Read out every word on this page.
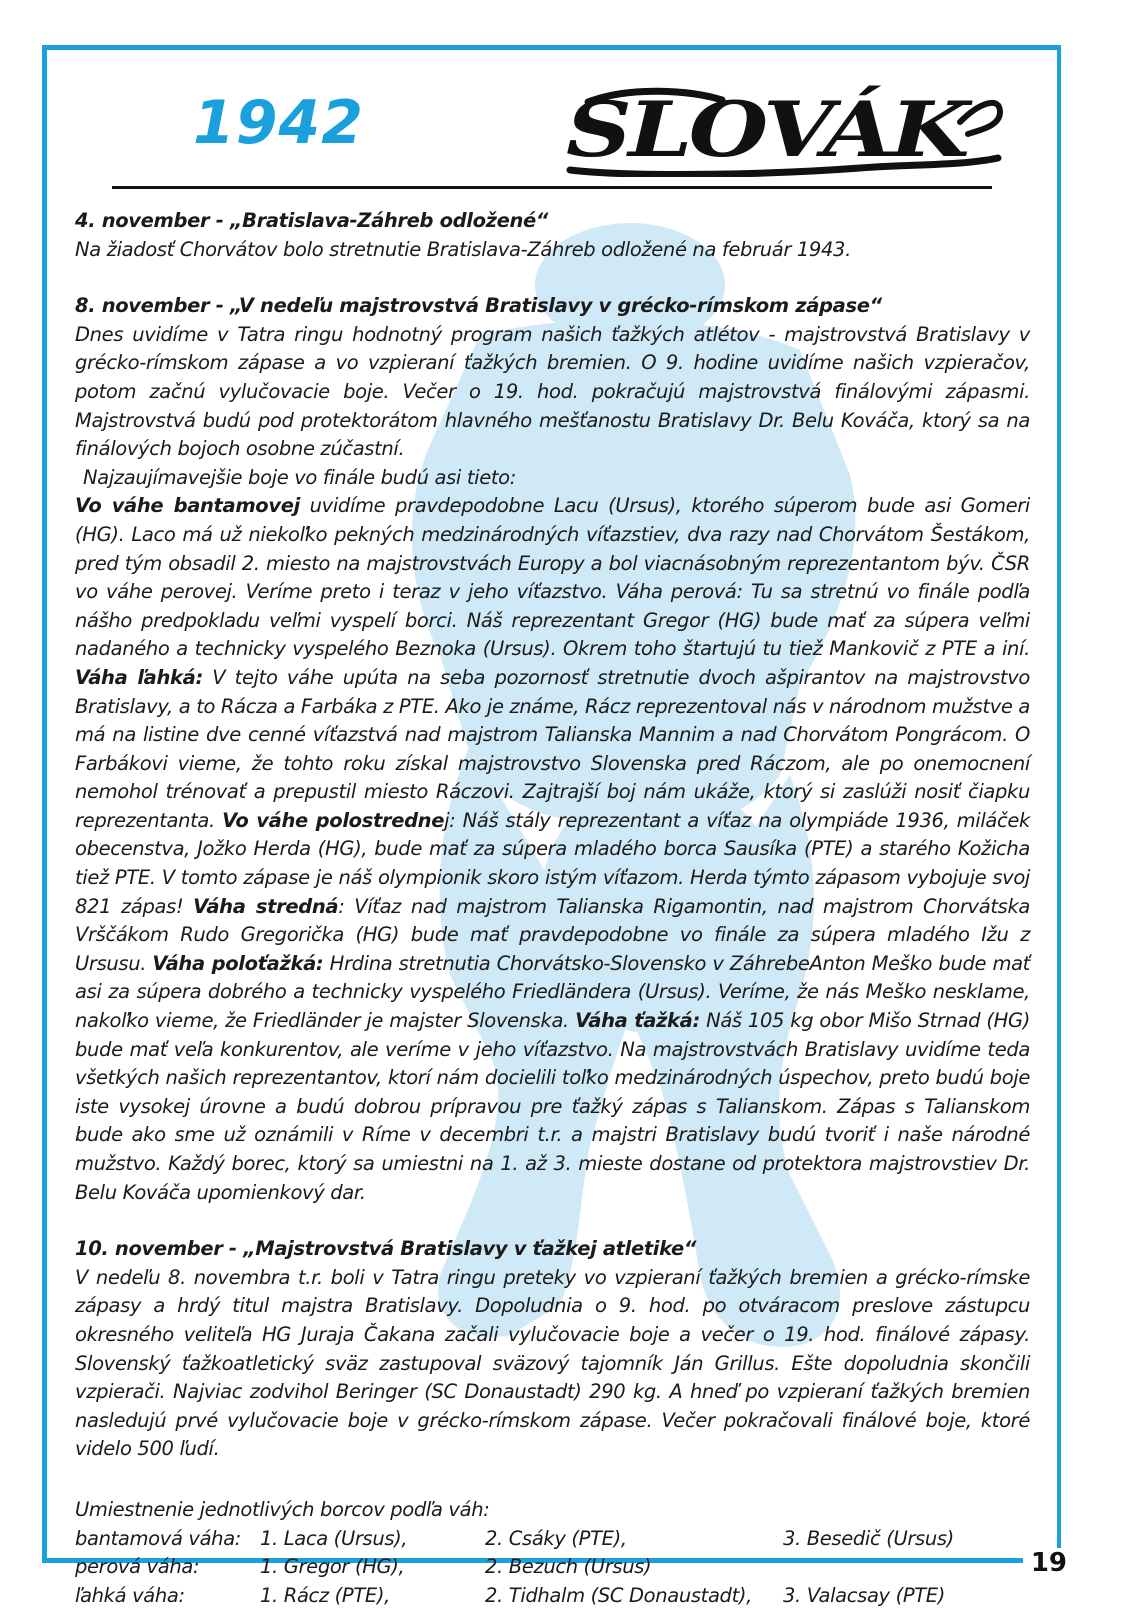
19
1942	SLOVÁK

4. november - „Bratislava-Záhreb odložené“

Na žiadosť Chorvátov bolo stretnutie Bratislava-Záhreb odložené na február 1943.

8. november - „V nedeľu majstrovstvá Bratislavy v grécko-rímskom zápase“

Dnes uvidíme v Tatra ringu hodnotný program našich ťažkých atlétov - majstrovstvá Bratislavy v grécko-rímskom zápase a vo vzpieraní ťažkých bremien. O 9. hodine uvidíme našich vzpieračov, potom začnú vylučovacie boje. Večer o 19. hod. pokračujú majstrovstvá finálovými zápasmi. Majstrovstvá budú pod protektorátom hlavného mešťanostu Bratislavy Dr. Belu Kováča, ktorý sa na finálových bojoch osobne zúčastní.

Najzaujímavejšie boje vo finále budú asi tieto:

Vo váhe bantamovej uvidíme pravdepodobne Lacu (Ursus), ktorého súperom bude asi Gomeri (HG). Laco má už niekoľko pekných medzinárodných víťazstiev, dva razy nad Chorvátom Šestákom, pred tým obsadil 2. miesto na majstrovstvách Europy a bol viacnásobným reprezentantom býv. ČSR vo váhe perovej. Veríme preto i teraz v jeho víťazstvo. Váha perová: Tu sa stretnú vo finále podľa nášho predpokladu veľmi vyspelí borci. Náš reprezentant Gregor (HG) bude mať za súpera veľmi nadaného a technicky vyspelého Beznoka (Ursus). Okrem toho štartujú tu tiež Mankovič z PTE a iní. Váha ľahká: V tejto váhe upúta na seba pozornosť stretnutie dvoch ašpirantov na majstrovstvo Bratislavy, a to Rácza a Farbáka z PTE. Ako je známe, Rácz reprezentoval nás v národnom mužstve a má na listine dve cenné víťazstvá nad majstrom Talianska Mannim a nad Chorvátom Pongrácom. O Farbákovi vieme, že tohto roku získal majstrovstvo Slovenska pred Ráczom, ale po onemocnení nemohol trénovať a prepustil miesto Ráczovi. Zajtrajší boj nám ukáže, ktorý si zaslúži nosiť čiapku reprezentanta. Vo váhe polostrednej: Náš stály reprezentant a víťaz na olympiáde 1936, miláček obecenstva, Jožko Herda (HG), bude mať za súpera mladého borca Sausíka (PTE) a starého Kožicha tiež PTE. V tomto zápase je náš olympionik skoro istým víťazom. Herda týmto zápasom vybojuje svoj 821 zápas! Váha stredná: Víťaz nad majstrom Talianska Rigamontin, nad majstrom Chorvátska Vrščákom Rudo Gregorička (HG) bude mať pravdepodobne vo finále za súpera mladého Ižu z Ursusu. Váha poloťažká: Hrdina stretnutia Chorvátsko-Slovensko v ZáhrebeAnton Meško bude mať asi za súpera dobrého a technicky vyspelého Friedländera (Ursus). Veríme, že nás Meško nesklame, nakoľko vieme, že Friedländer je majster Slovenska. Váha ťažká: Náš 105 kg obor Mišo Strnad (HG) bude mať veľa konkurentov, ale veríme v jeho víťazstvo. Na majstrovstvách Bratislavy uvidíme teda všetkých našich reprezentantov, ktorí nám docielili toľko medzinárodných úspechov, preto budú boje iste vysokej úrovne a budú dobrou prípravou pre ťažký zápas s Talianskom. Zápas s Talianskom bude ako sme už oznámili v Ríme v decembri t.r. a majstri Bratislavy budú tvoriť i naše národné mužstvo. Každý borec, ktorý sa umiestni na 1. až 3. mieste dostane od protektora majstrovstiev Dr. Belu Kováča upomienkový dar.

10. november - „Majstrovstvá Bratislavy v ťažkej atletike“

V nedeľu 8. novembra t.r. boli v Tatra ringu preteky vo vzpieraní ťažkých bremien a grécko-rímske zápasy a hrdý titul majstra Bratislavy. Dopoludnia o 9. hod. po otváracom preslove zástupcu okresného veliteľa HG Juraja Čakana začali vylučovacie boje a večer o 19. hod. finálové zápasy. Slovenský ťažkoatletický sväz zastupoval svӓzový tajomník Ján Grillus. Ešte dopoludnia skončili vzpierači. Najviac zodvihol Beringer (SC Donaustadt) 290 kg. A hneď po vzpieraní ťažkých bremien nasledujú prvé vylučovacie boje v grécko-rímskom zápase. Večer pokračovali finálové boje, ktoré videlo 500 ľudí.

Umiestnenie jednotlivých borcov podľa váh:
bantamová váha: 1. Laca (Ursus),	2. Csáky (PTE),	3. Besedič (Ursus)
perová váha:	1. Gregor (HG),	2. Bezuch (Ursus)
ľahká váha:	1. Rácz (PTE),	2. Tidhalm (SC Donaustadt),	3. Valacsay (PTE)
